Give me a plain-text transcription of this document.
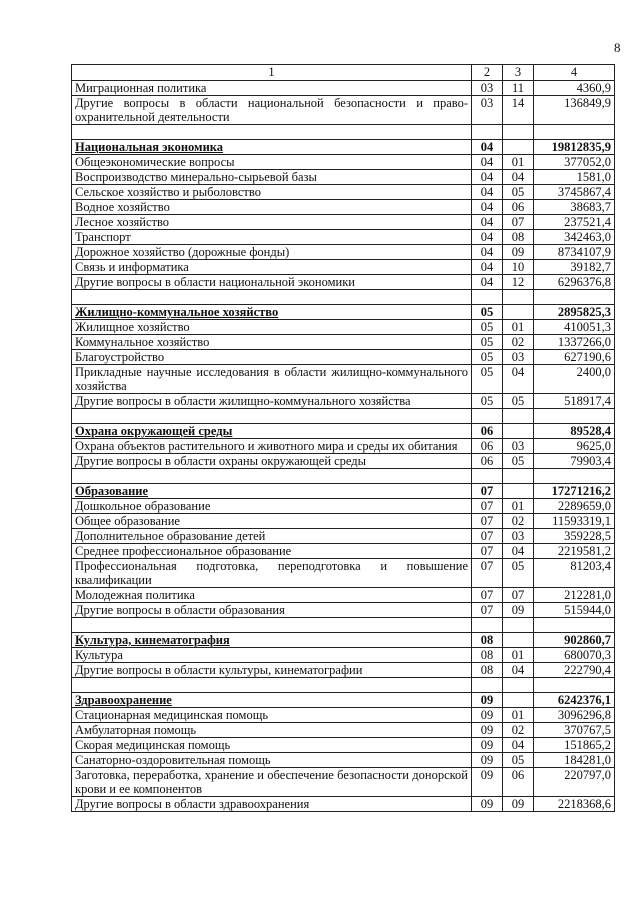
8
1	2	3	4
Миграционная политика	03	11	4360,9
Другие вопросы в области национальной безопасности и право-охранительной деятельности	03	14	136849,9

Национальная экономика	04		19812835,9
Общеэкономические вопросы	04	01	377052,0
Воспроизводство минерально-сырьевой базы	04	04	1581,0
Сельское хозяйство и рыболовство	04	05	3745867,4
Водное хозяйство	04	06	38683,7
Лесное хозяйство	04	07	237521,4
Транспорт	04	08	342463,0
Дорожное хозяйство (дорожные фонды)	04	09	8734107,9
Связь и информатика	04	10	39182,7
Другие вопросы в области национальной экономики	04	12	6296376,8

Жилищно-коммунальное хозяйство	05		2895825,3
Жилищное хозяйство	05	01	410051,3
Коммунальное хозяйство	05	02	1337266,0
Благоустройство	05	03	627190,6
Прикладные научные исследования в области жилищно-коммунального хозяйства	05	04	2400,0
Другие вопросы в области жилищно-коммунального хозяйства	05	05	518917,4

Охрана окружающей среды	06		89528,4
Охрана объектов растительного и животного мира и среды их обитания	06	03	9625,0
Другие вопросы в области охраны окружающей среды	06	05	79903,4

Образование	07		17271216,2
Дошкольное образование	07	01	2289659,0
Общее образование	07	02	11593319,1
Дополнительное образование детей	07	03	359228,5
Среднее профессиональное образование	07	04	2219581,2
Профессиональная подготовка, переподготовка и повышение квалификации	07	05	81203,4
Молодежная политика	07	07	212281,0
Другие вопросы в области образования	07	09	515944,0

Культура, кинематография	08		902860,7
Культура	08	01	680070,3
Другие вопросы в области культуры, кинематографии	08	04	222790,4

Здравоохранение	09		6242376,1
Стационарная медицинская помощь	09	01	3096296,8
Амбулаторная помощь	09	02	370767,5
Скорая медицинская помощь	09	04	151865,2
Санаторно-оздоровительная помощь	09	05	184281,0
Заготовка, переработка, хранение и обеспечение безопасности донорской крови и ее компонентов	09	06	220797,0
Другие вопросы в области здравоохранения	09	09	2218368,6
